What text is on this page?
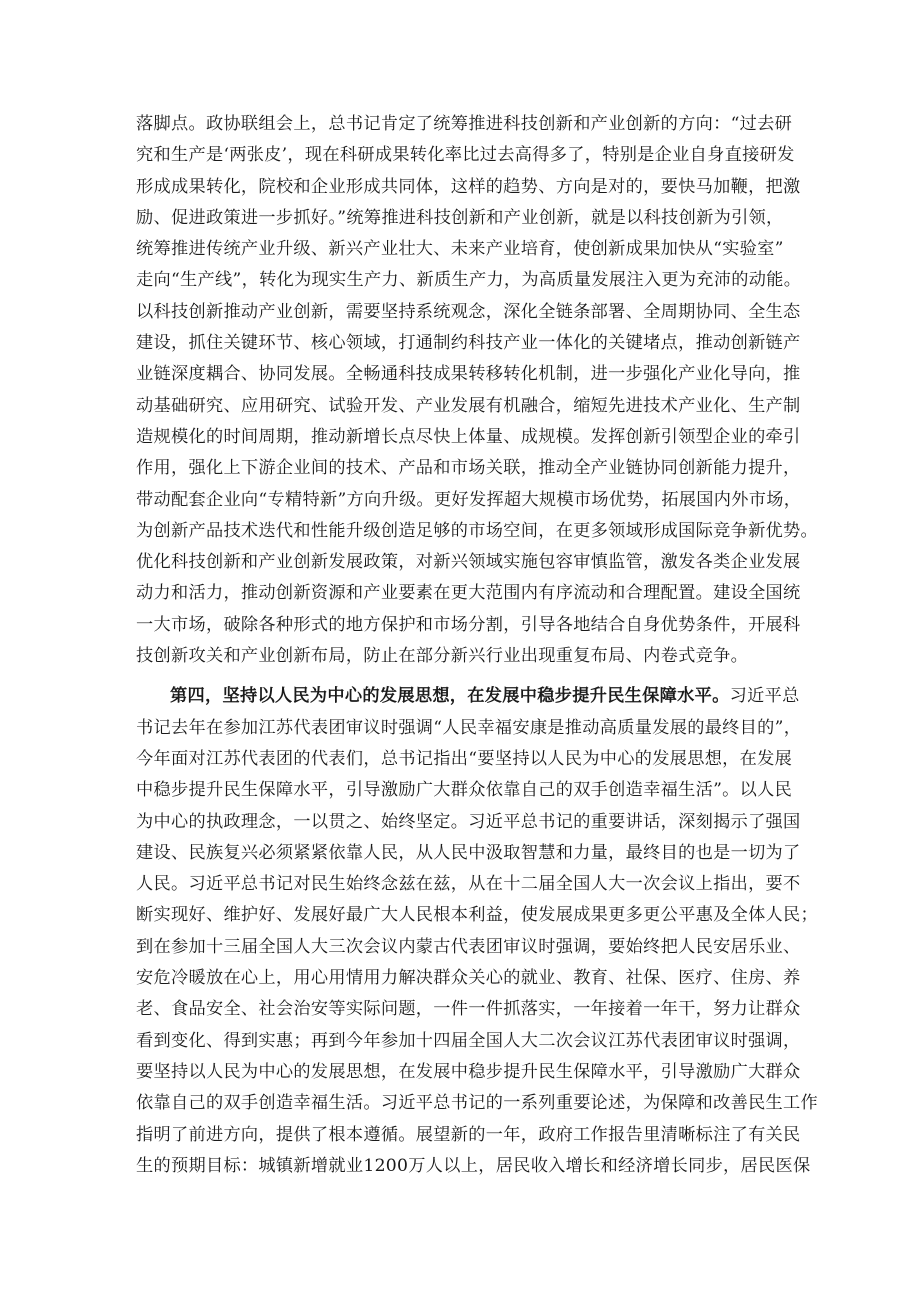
落脚点。政协联组会上，总书记肯定了统筹推进科技创新和产业创新的方向：“过去研
究和生产是‘两张皮’，现在科研成果转化率比过去高得多了，特别是企业自身直接研发
形成成果转化，院校和企业形成共同体，这样的趋势、方向是对的，要快马加鞭，把激
励、促进政策进一步抓好。”统筹推进科技创新和产业创新，就是以科技创新为引领，
统筹推进传统产业升级、新兴产业壮大、未来产业培育，使创新成果加快从“实验室”
走向“生产线”，转化为现实生产力、新质生产力，为高质量发展注入更为充沛的动能。
以科技创新推动产业创新，需要坚持系统观念，深化全链条部署、全周期协同、全生态
建设，抓住关键环节、核心领域，打通制约科技产业一体化的关键堵点，推动创新链产
业链深度耦合、协同发展。全畅通科技成果转移转化机制，进一步强化产业化导向，推
动基础研究、应用研究、试验开发、产业发展有机融合，缩短先进技术产业化、生产制
造规模化的时间周期，推动新增长点尽快上体量、成规模。发挥创新引领型企业的牵引
作用，强化上下游企业间的技术、产品和市场关联，推动全产业链协同创新能力提升，
带动配套企业向“专精特新”方向升级。更好发挥超大规模市场优势，拓展国内外市场，
为创新产品技术迭代和性能升级创造足够的市场空间，在更多领域形成国际竞争新优势。
优化科技创新和产业创新发展政策，对新兴领域实施包容审慎监管，激发各类企业发展
动力和活力，推动创新资源和产业要素在更大范围内有序流动和合理配置。建设全国统
一大市场，破除各种形式的地方保护和市场分割，引导各地结合自身优势条件，开展科
技创新攻关和产业创新布局，防止在部分新兴行业出现重复布局、内卷式竞争。
第四，坚持以人民为中心的发展思想，在发展中稳步提升民生保障水平。习近平总
书记去年在参加江苏代表团审议时强调“人民幸福安康是推动高质量发展的最终目的”，
今年面对江苏代表团的代表们，总书记指出“要坚持以人民为中心的发展思想，在发展
中稳步提升民生保障水平，引导激励广大群众依靠自己的双手创造幸福生活”。以人民
为中心的执政理念，一以贯之、始终坚定。习近平总书记的重要讲话，深刻揭示了强国
建设、民族复兴必须紧紧依靠人民，从人民中汲取智慧和力量，最终目的也是一切为了
人民。习近平总书记对民生始终念兹在兹，从在十二届全国人大一次会议上指出，要不
断实现好、维护好、发展好最广大人民根本利益，使发展成果更多更公平惠及全体人民；
到在参加十三届全国人大三次会议内蒙古代表团审议时强调，要始终把人民安居乐业、
安危冷暖放在心上，用心用情用力解决群众关心的就业、教育、社保、医疗、住房、养
老、食品安全、社会治安等实际问题，一件一件抓落实，一年接着一年干，努力让群众
看到变化、得到实惠；再到今年参加十四届全国人大二次会议江苏代表团审议时强调，
要坚持以人民为中心的发展思想，在发展中稳步提升民生保障水平，引导激励广大群众
依靠自己的双手创造幸福生活。习近平总书记的一系列重要论述，为保障和改善民生工作
指明了前进方向，提供了根本遵循。展望新的一年，政府工作报告里清晰标注了有关民
生的预期目标：城镇新增就业1200万人以上，居民收入增长和经济增长同步，居民医保
